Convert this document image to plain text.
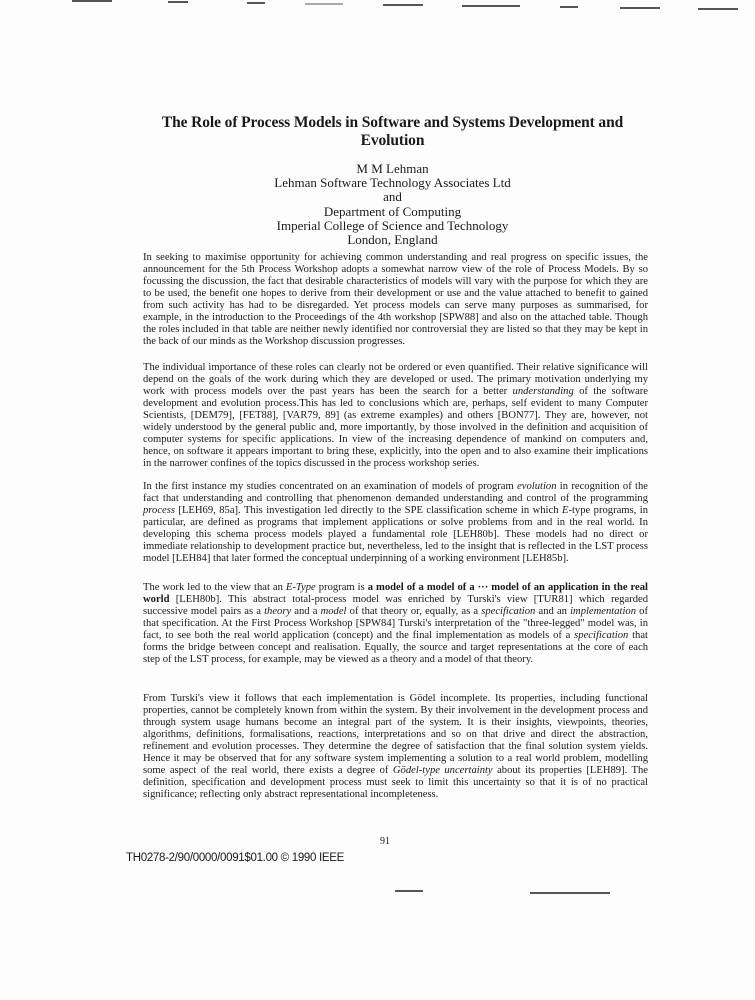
The Role of Process Models in Software and Systems Development and Evolution
M M Lehman
Lehman Software Technology Associates Ltd
and
Department of Computing
Imperial College of Science and Technology
London, England

In seeking to maximise opportunity for achieving common understanding and real progress on specific issues, the announcement for the 5th Process Workshop adopts a somewhat narrow view of the role of Process Models. By so focussing the discussion, the fact that desirable characteristics of models will vary with the purpose for which they are to be used, the benefit one hopes to derive from their development or use and the value attached to benefit to gained from such activity has had to be disregarded. Yet process models can serve many purposes as summarised, for example, in the introduction to the Proceedings of the 4th workshop [SPW88] and also on the attached table. Though the roles included in that table are neither newly identified nor controversial they are listed so that they may be kept in the back of our minds as the Workshop discussion progresses.

The individual importance of these roles can clearly not be ordered or even quantified. Their relative significance will depend on the goals of the work during which they are developed or used. The primary motivation underlying my work with process models over the past years has been the search for a better understanding of the software development and evolution process.This has led to conclusions which are, perhaps, self evident to many Computer Scientists, [DEM79], [FET88], [VAR79, 89] (as extreme examples) and others [BON77]. They are, however, not widely understood by the general public and, more importantly, by those involved in the definition and acquisition of computer systems for specific applications. In view of the increasing dependence of mankind on computers and, hence, on software it appears important to bring these, explicitly, into the open and to also examine their implications in the narrower confines of the topics discussed in the process workshop series.

In the first instance my studies concentrated on an examination of models of program evolution in recognition of the fact that understanding and controlling that phenomenon demanded understanding and control of the programming process [LEH69, 85a]. This investigation led directly to the SPE classification scheme in which E-type programs, in particular, are defined as programs that implement applications or solve problems from and in the real world. In developing this schema process models played a fundamental role [LEH80b]. These models had no direct or immediate relationship to development practice but, nevertheless, led to the insight that is reflected in the LST process model [LEH84] that later formed the conceptual underpinning of a working environment [LEH85b].

The work led to the view that an E-Type program is a model of a model of a ··· model of an application in the real world [LEH80b]. This abstract total-process model was enriched by Turski's view [TUR81] which regarded successive model pairs as a theory and a model of that theory or, equally, as a specification and an implementation of that specification. At the First Process Workshop [SPW84] Turski's interpretation of the "three-legged" model was, in fact, to see both the real world application (concept) and the final implementation as models of a specification that forms the bridge between concept and realisation. Equally, the source and target representations at the core of each step of the LST process, for example, may be viewed as a theory and a model of that theory.

From Turski's view it follows that each implementation is Gödel incomplete. Its properties, including functional properties, cannot be completely known from within the system. By their involvement in the development process and through system usage humans become an integral part of the system. It is their insights, viewpoints, theories, algorithms, definitions, formalisations, reactions, interpretations and so on that drive and direct the abstraction, refinement and evolution processes. They determine the degree of satisfaction that the final solution system yields. Hence it may be observed that for any software system implementing a solution to a real world problem, modelling some aspect of the real world, there exists a degree of Gödel-type uncertainty about its properties [LEH89]. The definition, specification and development process must seek to limit this uncertainty so that it is of no practical significance; reflecting only abstract representational incompleteness.

91
TH0278-2/90/0000/0091$01.00 © 1990 IEEE
